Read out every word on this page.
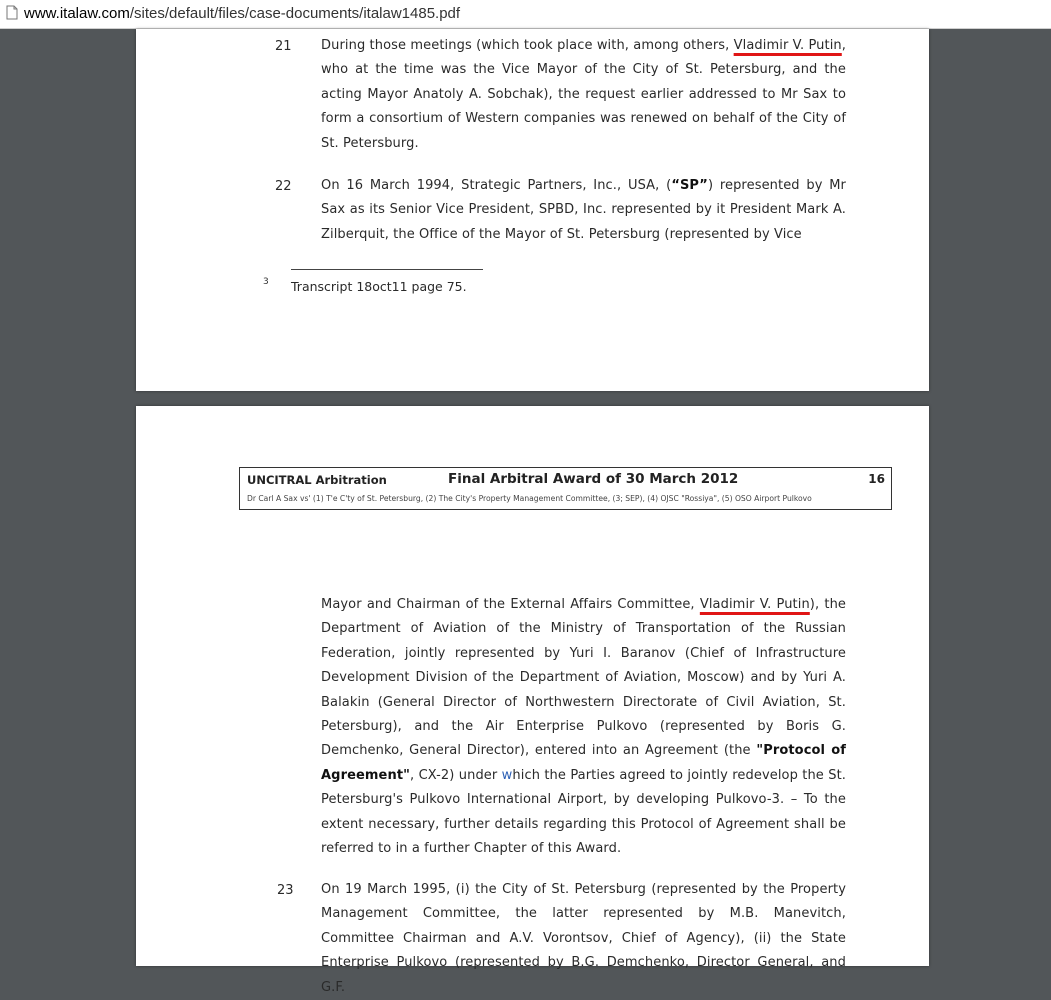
www.italaw.com/sites/default/files/case-documents/italaw1485.pdf
21 During those meetings (which took place with, among others, Vladimir V. Putin, who at the time was the Vice Mayor of the City of St. Petersburg, and the acting Mayor Anatoly A. Sobchak), the request earlier addressed to Mr Sax to form a consortium of Western companies was renewed on behalf of the City of St. Petersburg.
22 On 16 March 1994, Strategic Partners, Inc., USA, (“SP”) represented by Mr Sax as its Senior Vice President, SPBD, Inc. represented by it President Mark A. Zilberquit, the Office of the Mayor of St. Petersburg (represented by Vice
3 Transcript 18oct11 page 75.
UNCITRAL Arbitration	Final Arbitral Award of 30 March 2012	16
Dr Carl A Sax vs' (1) T'e C'ty of St. Petersburg, (2) The City's Property Management Committee, (3; SEP), (4) OJSC "Rossiya", (5) OSO Airport Pulkovo
Mayor and Chairman of the External Affairs Committee, Vladimir V. Putin), the Department of Aviation of the Ministry of Transportation of the Russian Federation, jointly represented by Yuri I. Baranov (Chief of Infrastructure Development Division of the Department of Aviation, Moscow) and by Yuri A. Balakin (General Director of Northwestern Directorate of Civil Aviation, St. Petersburg), and the Air Enterprise Pulkovo (represented by Boris G. Demchenko, General Director), entered into an Agreement (the "Protocol of Agreement", CX-2) under which the Parties agreed to jointly redevelop the St. Petersburg's Pulkovo International Airport, by developing Pulkovo-3. – To the extent necessary, further details regarding this Protocol of Agreement shall be referred to in a further Chapter of this Award.
23 On 19 March 1995, (i) the City of St. Petersburg (represented by the Property Management Committee, the latter represented by M.B. Manevitch, Committee Chairman and A.V. Vorontsov, Chief of Agency), (ii) the State Enterprise Pulkovo (represented by B.G. Demchenko, Director General, and G.F.
